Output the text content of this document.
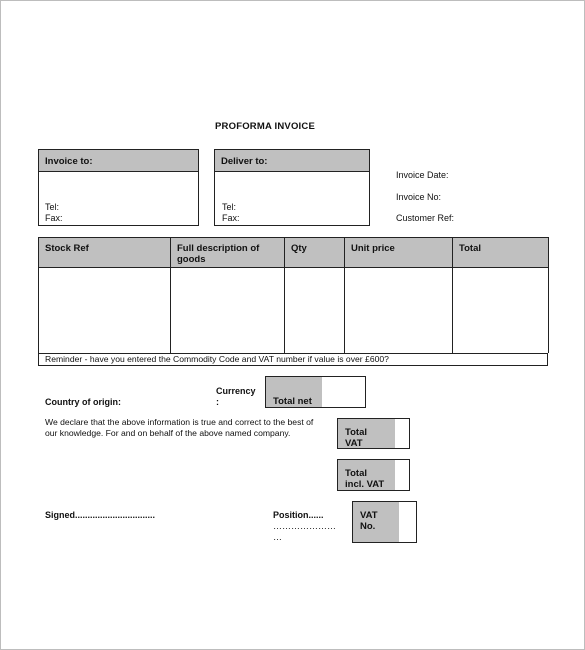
PROFORMA INVOICE
Invoice to:
Tel:
Fax:
Deliver to:
Tel:
Fax:
Invoice Date:
Invoice No:
Customer Ref:
Stock Ref	Full description of goods	Qty	Unit price	Total

Reminder - have you entered the Commodity Code and VAT number if value is over £600?
Country of origin:
Currency
:	Total net
We declare that the above information is true and correct to the best of our knowledge. For and on behalf of the above named company.	Total
VAT
Total
incl. VAT
Signed................................	Position......
…………………
…
VAT
No.
